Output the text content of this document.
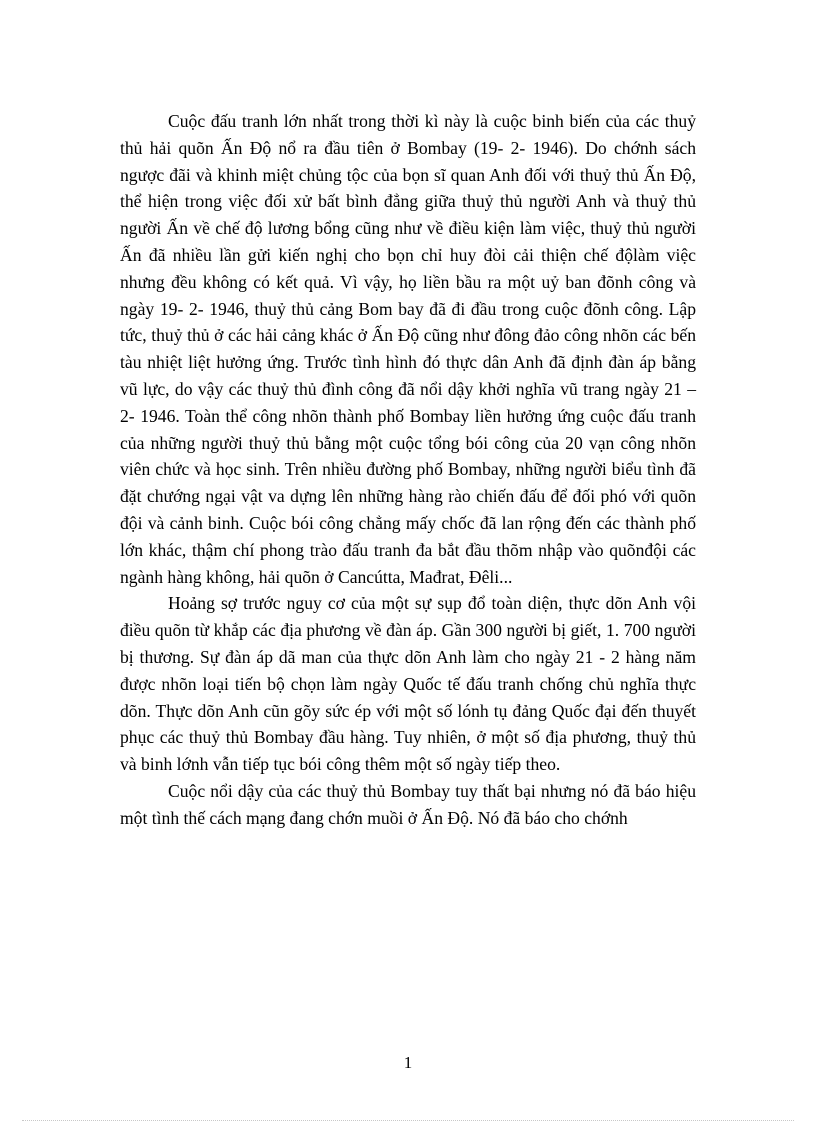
Cuộc đấu tranh lớn nhất trong thời kì này là cuộc binh biến của các thuỷ thủ hải quõn Ấn Độ nổ ra đầu tiên ở Bombay (19- 2- 1946). Do chớnh sách ngược đãi và khinh miệt chủng tộc của bọn sĩ quan Anh đối với thuỷ thủ Ấn Độ, thể hiện trong việc đối xử bất bình đẳng giữa thuỷ thủ người Anh và thuỷ thủ người Ấn về chế độ lương bổng cũng như về điều kiện làm việc, thuỷ thủ người Ấn đã nhiều lần gửi kiến nghị cho bọn chỉ huy đòi cải thiện chế độlàm việc nhưng đều không có kết quả. Vì vậy, họ liền bầu ra một uỷ ban đõnh công và ngày 19- 2- 1946, thuỷ thủ cảng Bom bay đã đi đầu trong cuộc đõnh công. Lập tức, thuỷ thủ ở các hải cảng khác ở Ấn Độ cũng như đông đảo công nhõn các bến tàu nhiệt liệt hưởng ứng. Trước tình hình đó thực dân Anh đã định đàn áp bằng vũ lực, do vậy các thuỷ thủ đình công đã nổi dậy khởi nghĩa vũ trang ngày 21 – 2- 1946. Toàn thể công nhõn thành phố Bombay liền hưởng ứng cuộc đấu tranh của những người thuỷ thủ bằng một cuộc tổng bói công của 20 vạn công nhõn viên chức và học sinh. Trên nhiều đường phố Bombay, những người biểu tình đã đặt chướng ngại vật va dựng lên những hàng rào chiến đấu để đối phó với quõn đội và cảnh binh. Cuộc bói công chẳng mấy chốc đã lan rộng đến các thành phố lớn khác, thậm chí phong trào đấu tranh đa bắt đầu thõm nhập vào quõnđội các ngành hàng không, hải quõn ở Cancútta, Mađrat, Đêli...

Hoảng sợ trước nguy cơ của một sự sụp đổ toàn diện, thực dõn Anh vội điều quõn từ khắp các địa phương về đàn áp. Gần 300 người bị giết, 1. 700 người bị thương. Sự đàn áp dã man của thực dõn Anh làm cho ngày 21 - 2 hàng năm được nhõn loại tiến bộ chọn làm ngày Quốc tế đấu tranh chống chủ nghĩa thực dõn. Thực dõn Anh cũn gõy sức ép với một số lónh tụ đảng Quốc đại đến thuyết phục các thuỷ thủ Bombay đầu hàng. Tuy nhiên, ở một số địa phương, thuỷ thủ và binh lớnh vẫn tiếp tục bói công thêm một số ngày tiếp theo.

Cuộc nổi dậy của các thuỷ thủ Bombay tuy thất bại nhưng nó đã báo hiệu một tình thế cách mạng đang chớn muồi ở Ấn Độ. Nó đã báo cho chớnh

1
